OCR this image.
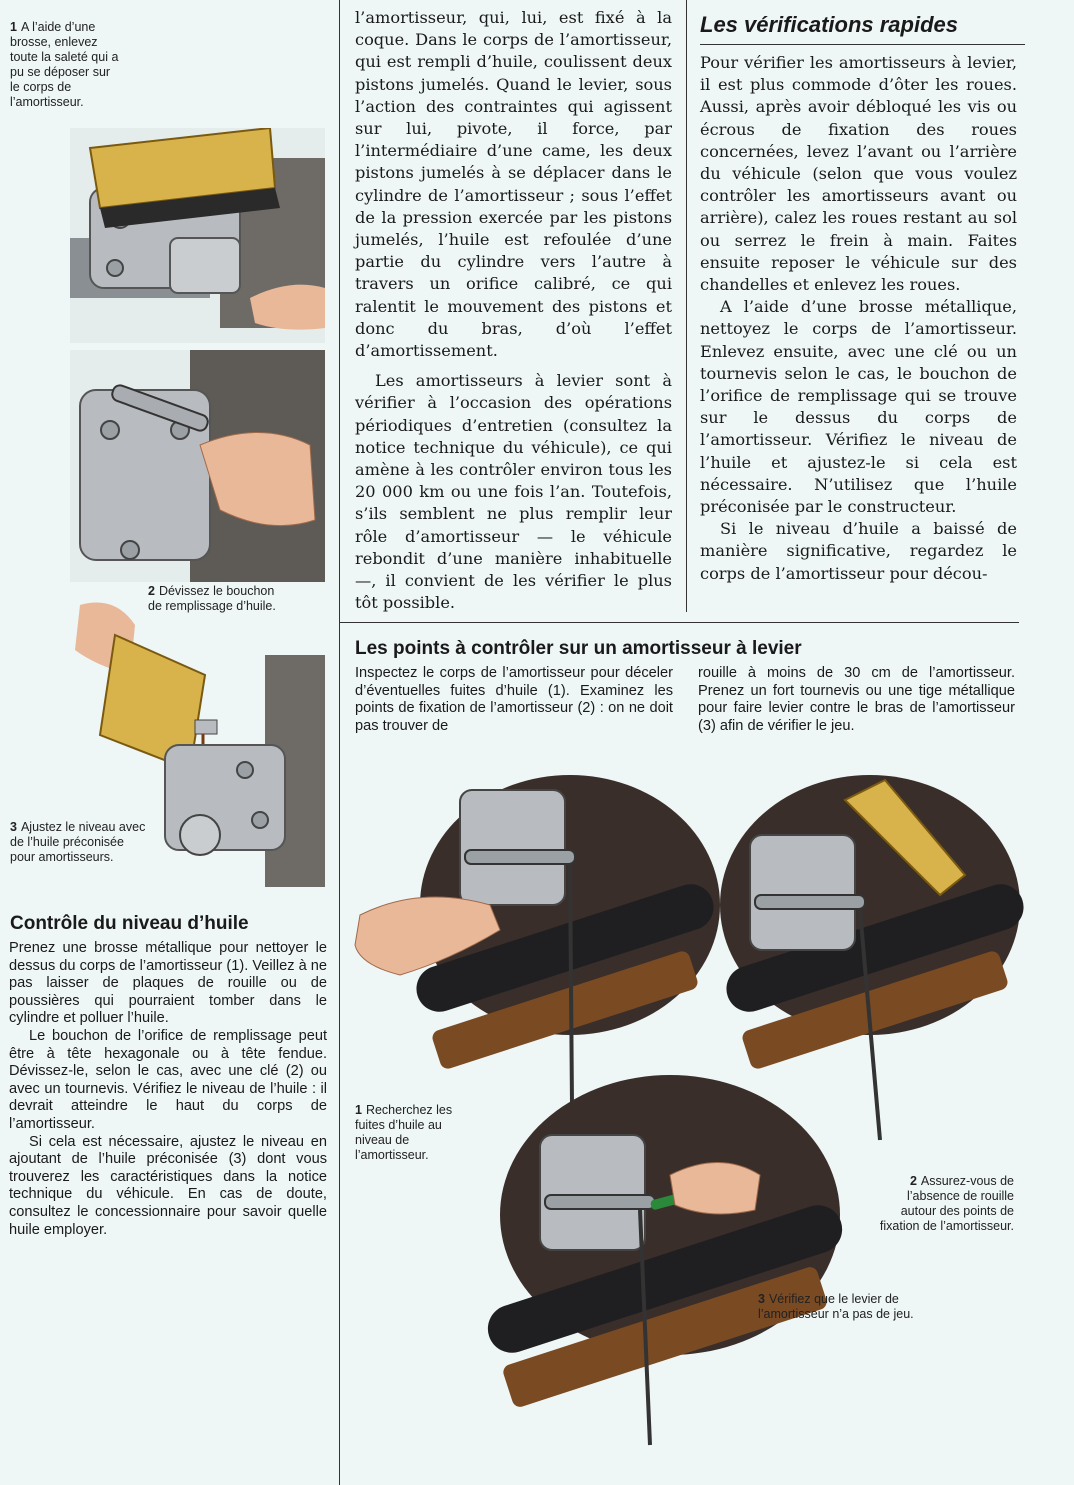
1 A l’aide d’une brosse, enlevez toute la saleté qui a pu se déposer sur le corps de l’amortisseur.
2 Dévissez le bouchon de remplissage d’huile.
3 Ajustez le niveau avec de l’huile préconisée pour amortisseurs.
Contrôle du niveau d’huile

Prenez une brosse métallique pour nettoyer le dessus du corps de l’amortisseur (1). Veillez à ne pas laisser de plaques de rouille ou de poussières qui pourraient tomber dans le cylindre et polluer l’huile.

Le bouchon de l’orifice de remplissage peut être à tête hexagonale ou à tête fendue. Dévissez-le, selon le cas, avec une clé (2) ou avec un tournevis. Vérifiez le niveau de l’huile : il devrait atteindre le haut du corps de l’amortisseur.

Si cela est nécessaire, ajustez le niveau en ajoutant de l’huile préconisée (3) dont vous trouverez les caractéristiques dans la notice technique du véhicule. En cas de doute, consultez le concessionnaire pour savoir quelle huile employer.

l’amortisseur, qui, lui, est fixé à la coque. Dans le corps de l’amortisseur, qui est rempli d’huile, coulissent deux pistons jumelés. Quand le levier, sous l’action des contraintes qui agissent sur lui, pivote, il force, par l’intermédiaire d’une came, les deux pistons jumelés à se déplacer dans le cylindre de l’amortisseur ; sous l’effet de la pression exercée par les pistons jumelés, l’huile est refoulée d’une partie du cylindre vers l’autre à travers un orifice calibré, ce qui ralentit le mouvement des pistons et donc du bras, d’où l’effet d’amortissement.

Les amortisseurs à levier sont à vérifier à l’occasion des opérations périodiques d’entretien (consultez la notice technique du véhicule), ce qui amène à les contrôler environ tous les 20 000 km ou une fois l’an. Toutefois, s’ils semblent ne plus remplir leur rôle d’amortisseur — le véhicule rebondit d’une manière inhabituelle —, il convient de les vérifier le plus tôt possible.

Les vérifications rapides

Pour vérifier les amortisseurs à levier, il est plus commode d’ôter les roues. Aussi, après avoir débloqué les vis ou écrous de fixation des roues concernées, levez l’avant ou l’arrière du véhicule (selon que vous voulez contrôler les amortisseurs avant ou arrière), calez les roues restant au sol ou serrez le frein à main. Faites ensuite reposer le véhicule sur des chandelles et enlevez les roues.

A l’aide d’une brosse métallique, nettoyez le corps de l’amortisseur. Enlevez ensuite, avec une clé ou un tournevis selon le cas, le bouchon de l’orifice de remplissage qui se trouve sur le dessus du corps de l’amortisseur. Vérifiez le niveau de l’huile et ajustez-le si cela est nécessaire. N’utilisez que l’huile préconisée par le constructeur.

Si le niveau d’huile a baissé de manière significative, regardez le corps de l’amortisseur pour décou-

Les points à contrôler sur un amortisseur à levier

Inspectez le corps de l’amortisseur pour déceler d’éventuelles fuites d’huile (1). Examinez les points de fixation de l’amortisseur (2) : on ne doit pas trouver de

rouille à moins de 30 cm de l’amortisseur. Prenez un fort tournevis ou une tige métallique pour faire levier contre le bras de l’amortisseur (3) afin de vérifier le jeu.

1 Recherchez les fuites d’huile au niveau de l’amortisseur.
2 Assurez-vous de l’absence de rouille autour des points de fixation de l’amortisseur.
3 Vérifiez que le levier de l’amortisseur n’a pas de jeu.
